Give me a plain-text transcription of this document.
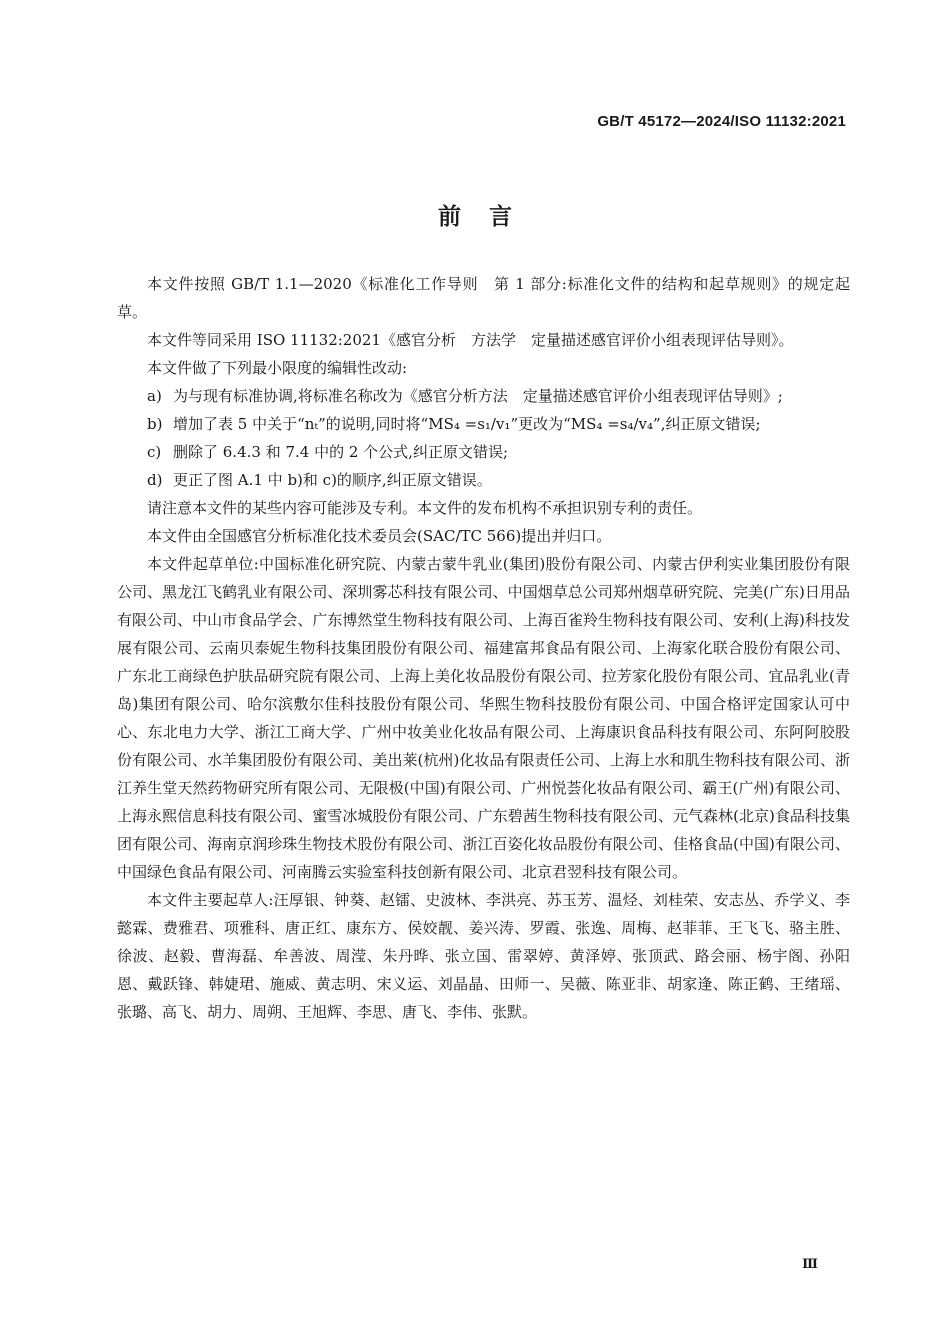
GB/T 45172—2024/ISO 11132:2021
前言

本文件按照 GB/T 1.1—2020《标准化工作导则　第 1 部分:标准化文件的结构和起草规则》的规定起草。

本文件等同采用 ISO 11132:2021《感官分析　方法学　定量描述感官评价小组表现评估导则》。

本文件做了下列最小限度的编辑性改动:

a) 为与现有标准协调,将标准名称改为《感官分析方法　定量描述感官评价小组表现评估导则》;
b) 增加了表 5 中关于“nₜ”的说明,同时将“MS₄ =s₁/v₁”更改为“MS₄ =s₄/v₄”,纠正原文错误;
c) 删除了 6.4.3 和 7.4 中的 2 个公式,纠正原文错误;
d) 更正了图 A.1 中 b)和 c)的顺序,纠正原文错误。

请注意本文件的某些内容可能涉及专利。本文件的发布机构不承担识别专利的责任。

本文件由全国感官分析标准化技术委员会(SAC/TC 566)提出并归口。

本文件起草单位:中国标准化研究院、内蒙古蒙牛乳业(集团)股份有限公司、内蒙古伊利实业集团股份有限公司、黑龙江飞鹤乳业有限公司、深圳雾芯科技有限公司、中国烟草总公司郑州烟草研究院、完美(广东)日用品有限公司、中山市食品学会、广东博然堂生物科技有限公司、上海百雀羚生物科技有限公司、安利(上海)科技发展有限公司、云南贝泰妮生物科技集团股份有限公司、福建富邦食品有限公司、上海家化联合股份有限公司、广东北工商绿色护肤品研究院有限公司、上海上美化妆品股份有限公司、拉芳家化股份有限公司、宜品乳业(青岛)集团有限公司、哈尔滨敷尔佳科技股份有限公司、华熙生物科技股份有限公司、中国合格评定国家认可中心、东北电力大学、浙江工商大学、广州中妆美业化妆品有限公司、上海康识食品科技有限公司、东阿阿胶股份有限公司、水羊集团股份有限公司、美出莱(杭州)化妆品有限责任公司、上海上水和肌生物科技有限公司、浙江养生堂天然药物研究所有限公司、无限极(中国)有限公司、广州悦荟化妆品有限公司、霸王(广州)有限公司、上海永熙信息科技有限公司、蜜雪冰城股份有限公司、广东碧茜生物科技有限公司、元气森林(北京)食品科技集团有限公司、海南京润珍珠生物技术股份有限公司、浙江百姿化妆品股份有限公司、佳格食品(中国)有限公司、中国绿色食品有限公司、河南腾云实验室科技创新有限公司、北京君翌科技有限公司。

本文件主要起草人:汪厚银、钟葵、赵镭、史波林、李洪亮、苏玉芳、温烃、刘桂荣、安志丛、乔学义、李懿霖、费雅君、项雅科、唐正红、康东方、侯姣靓、姜兴涛、罗霞、张逸、周梅、赵菲菲、王飞飞、骆主胜、徐波、赵毅、曹海磊、牟善波、周滢、朱丹晔、张立国、雷翠婷、黄泽婷、张顶武、路会丽、杨宇阁、孙阳恩、戴跃锋、韩婕珺、施威、黄志明、宋义运、刘晶晶、田师一、吴薇、陈亚非、胡家逢、陈正鹤、王绪瑶、张璐、高飞、胡力、周朔、王旭辉、李思、唐飞、李伟、张默。

Ⅲ
